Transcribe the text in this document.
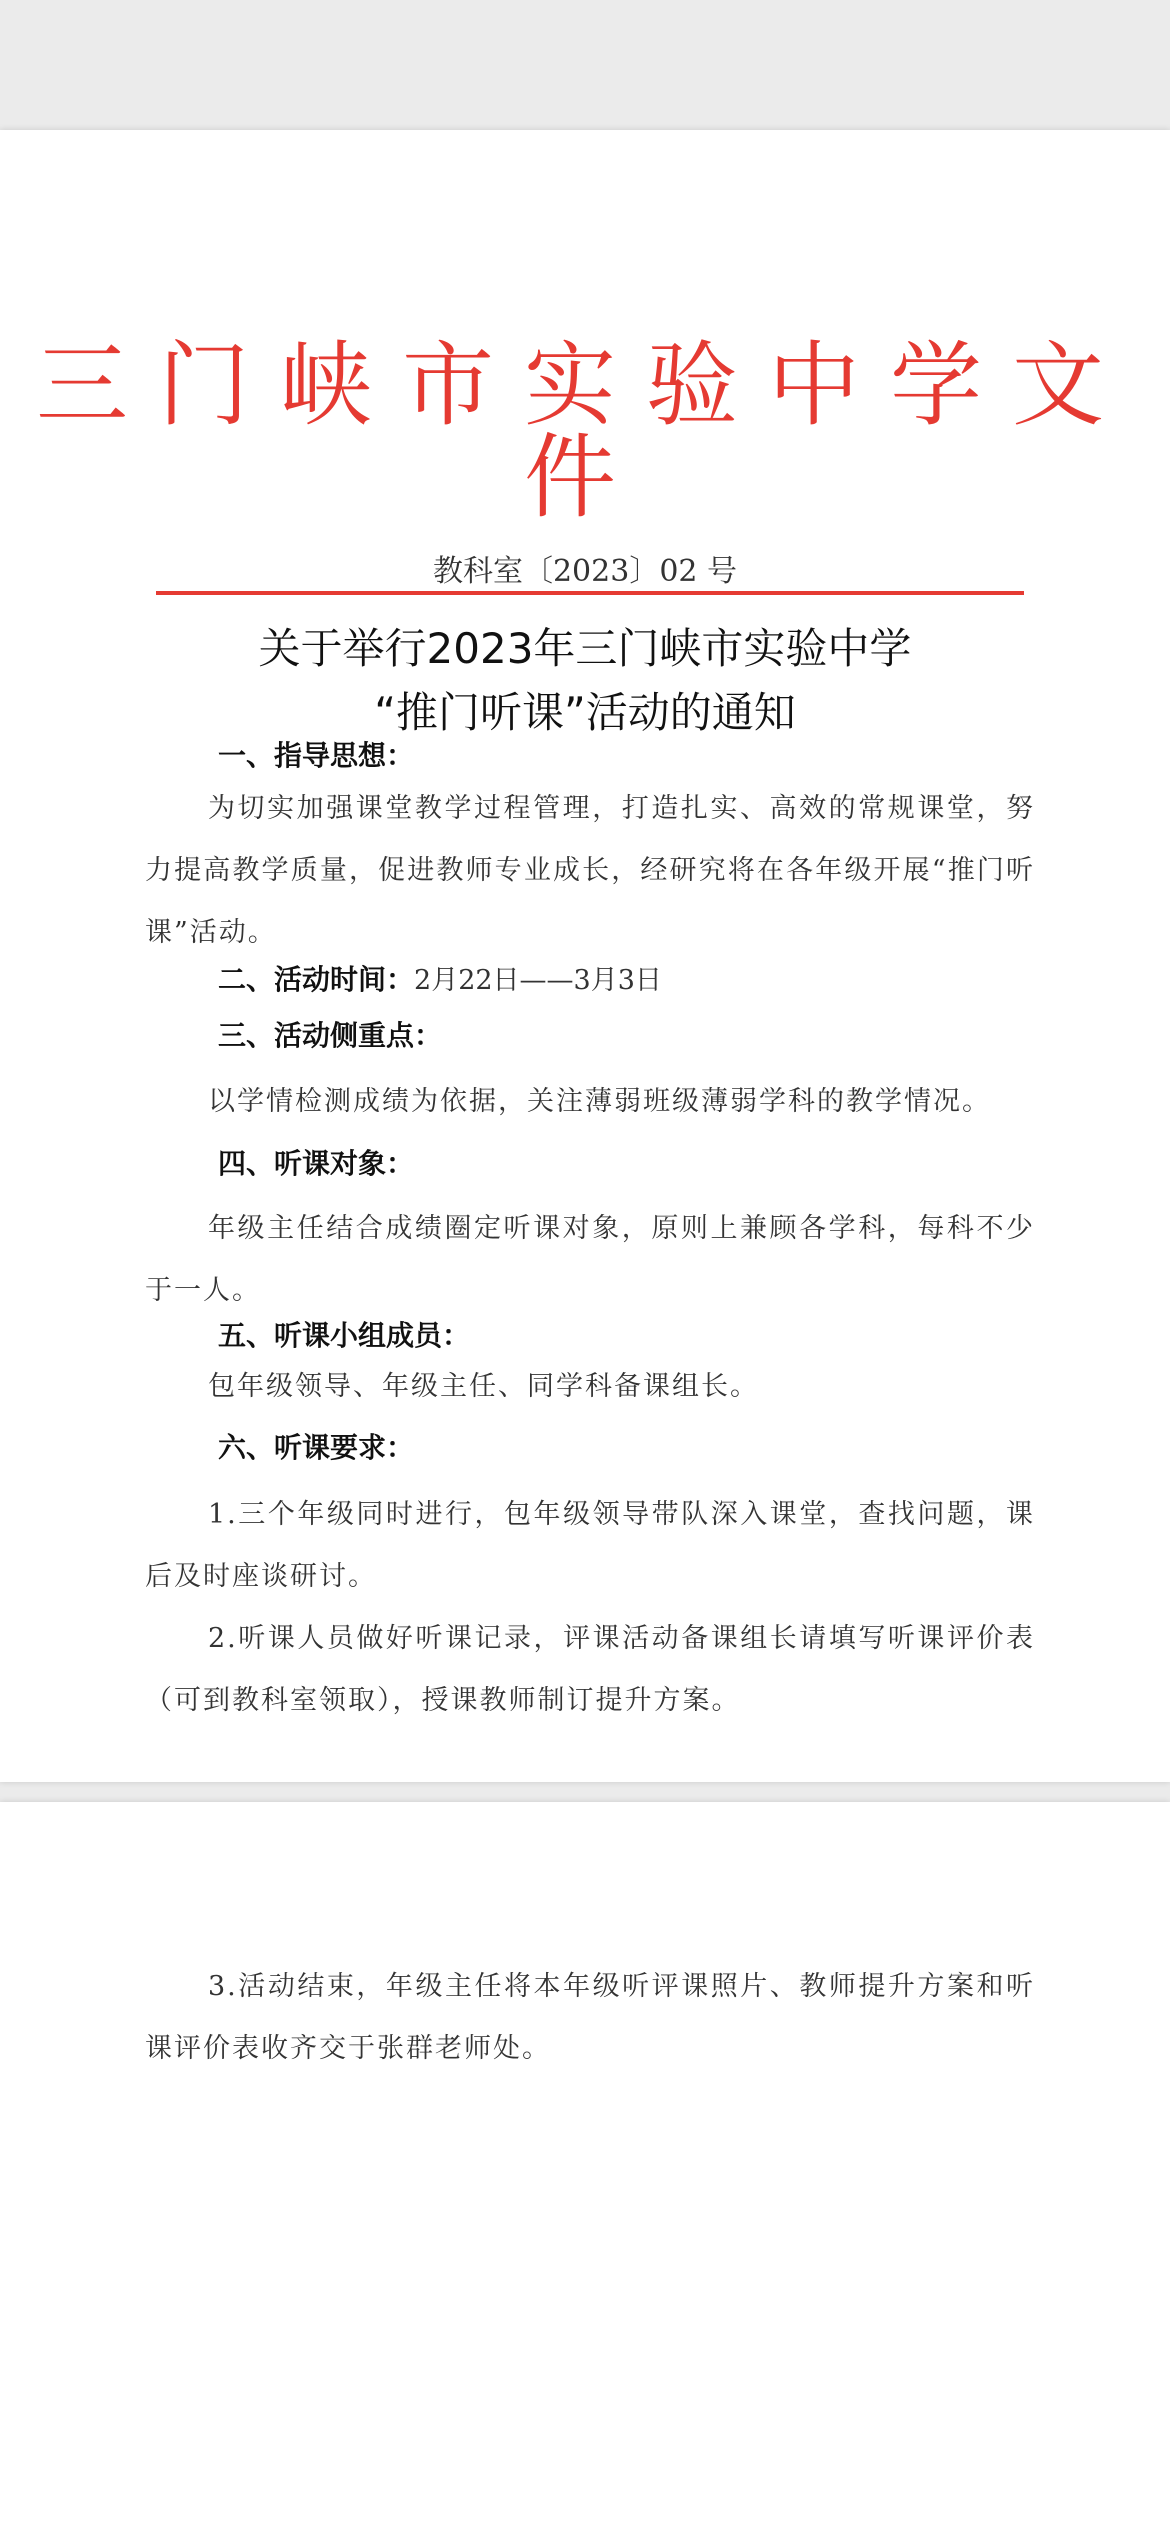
三门峡市实验中学文件
教科室〔2023〕02 号
关于举行2023年三门峡市实验中学
“推门听课”活动的通知
一、指导思想：
为切实加强课堂教学过程管理，打造扎实、高效的常规课堂，努力提高教学质量，促进教师专业成长，经研究将在各年级开展“推门听课”活动。
二、活动时间：2月22日——3月3日
三、活动侧重点：
以学情检测成绩为依据，关注薄弱班级薄弱学科的教学情况。
四、听课对象：
年级主任结合成绩圈定听课对象，原则上兼顾各学科，每科不少于一人。
五、听课小组成员：
包年级领导、年级主任、同学科备课组长。
六、听课要求：
1.三个年级同时进行，包年级领导带队深入课堂，查找问题，课后及时座谈研讨。
2.听课人员做好听课记录，评课活动备课组长请填写听课评价表（可到教科室领取），授课教师制订提升方案。
3.活动结束，年级主任将本年级听评课照片、教师提升方案和听课评价表收齐交于张群老师处。
